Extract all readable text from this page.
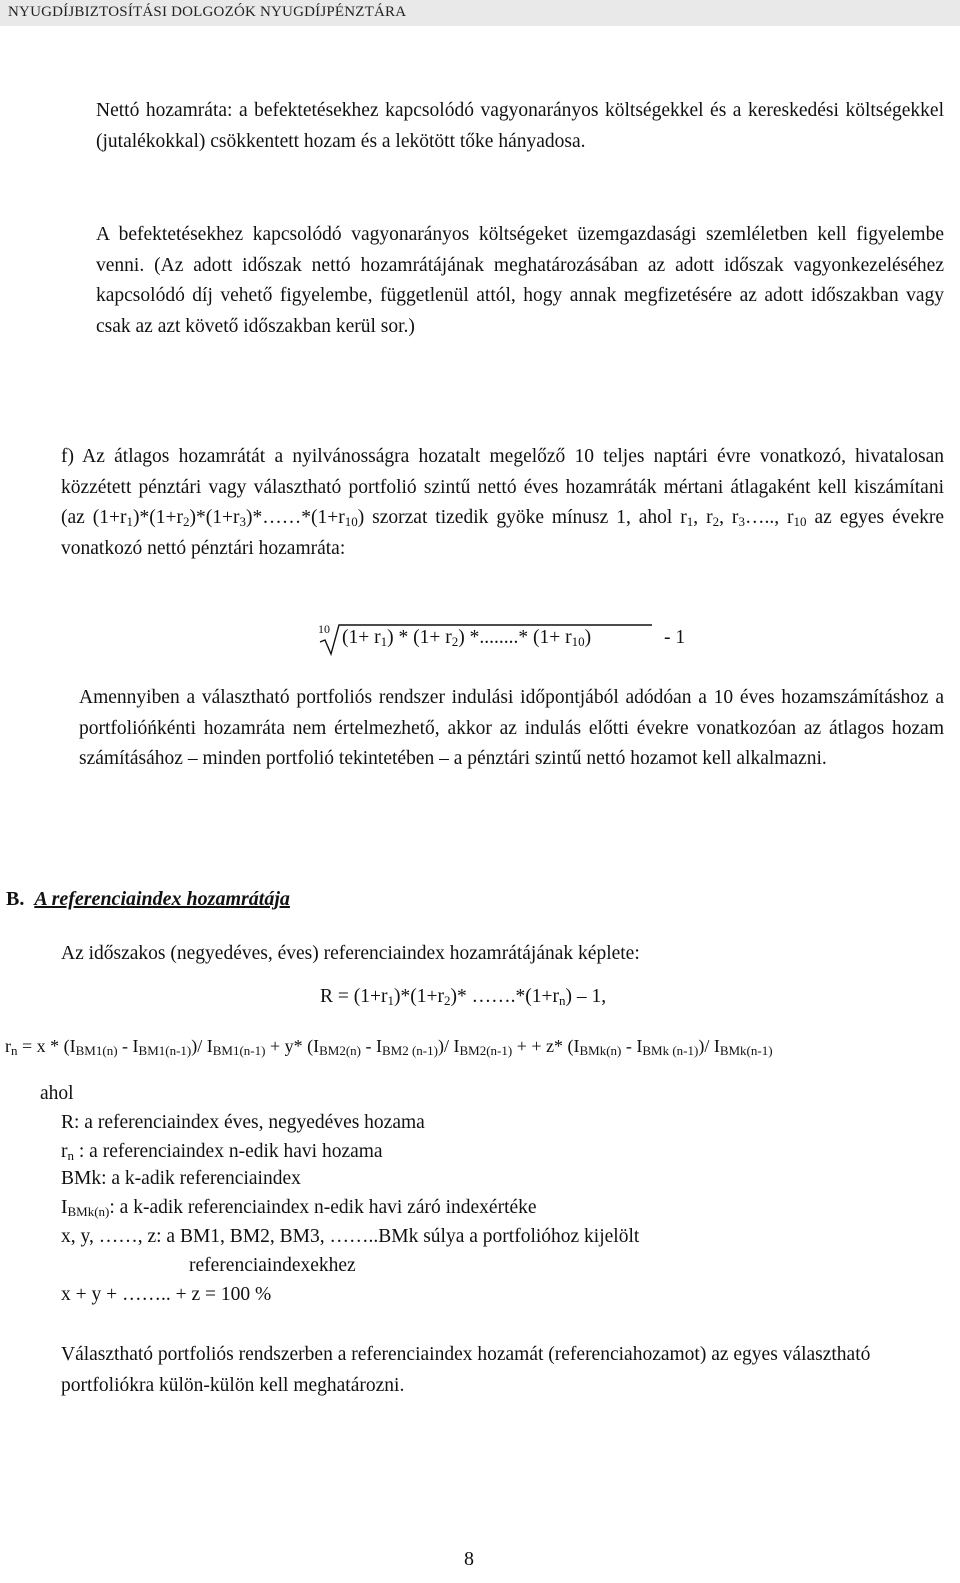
NYUGDÍJBIZTOSÍTÁSI DOLGOZÓK NYUGDÍJPÉNZTÁRA
Nettó hozamráta: a befektetésekhez kapcsolódó vagyonarányos költségekkel és a kereskedési költségekkel (jutalékokkal) csökkentett hozam és a lekötött tőke hányadosa.
A befektetésekhez kapcsolódó vagyonarányos költségeket üzemgazdasági szemléletben kell figyelembe venni. (Az adott időszak nettó hozamrátájának meghatározásában az adott időszak vagyonkezeléséhez kapcsolódó díj vehető figyelembe, függetlenül attól, hogy annak megfizetésére az adott időszakban vagy csak az azt követő időszakban kerül sor.)
f) Az átlagos hozamrátát a nyilvánosságra hozatalt megelőző 10 teljes naptári évre vonatkozó, hivatalosan közzétett pénztári vagy választható portfolió szintű nettó éves hozamráták mértani átlagaként kell kiszámítani (az $(1+r_1)*(1+r_2)*(1+r_3)*\dots\dots*(1+r_{10})$ szorzat tizedik gyöke mínusz 1, ahol $r_1$, $r_2$, $r_3\dots$.., $r_{10}$ az egyes évekre vonatkozó nettó pénztári hozamráta:
10 $(1+ r_1) * (1+ r_2)$ *........* $(1+ r_{10})$	- 1
Amennyiben a választható portfoliós rendszer indulási időpontjából adódóan a 10 éves hozamszámításhoz a portfolióńkénti hozamráta nem értelmezhető, akkor az indulás előtti évekre vonatkozóan az átlagos hozam számításához – minden portfolió tekintetében – a pénztári szintű nettó hozamot kell alkalmazni.
B. A referenciaindex hozamrátája
Az időszakos (negyedéves, éves) referenciaindex hozamrátájának képlete:
$R = (1+r_1)*(1+r_2)*$ $\dots\dots.*(1+r_n) - 1$,
$r_n = x * (I_{BM1(n)} - I_{BM1(n-1)})/$ $I_{BM1(n-1)} + y*$ $(I_{BM2(n)} - I_{BM2 (n-1)})/$ $I_{BM2(n-1)}$ + + z* $(I_{BMk(n)} - I_{BMk (n-1)})/$ $I_{BMk(n-1)}$
ahol
R: a referenciaindex éves, negyedéves hozama
$r_n$ : a referenciaindex n-edik havi hozama
BMk: a k-adik referenciaindex
$I_{BMk(n)}$: a k-adik referenciaindex n-edik havi záró indexértéke
x, y, ……, z: a BM1, BM2, BM3, ……..BMk súlya a portfolióhoz kijelölt
referenciaindexekhez
x + y + …….. + z = 100 %
Választható portfoliós rendszerben a referenciaindex hozamát (referenciahozamot) az egyes választható portfoliókra külön-külön kell meghatározni.
8
